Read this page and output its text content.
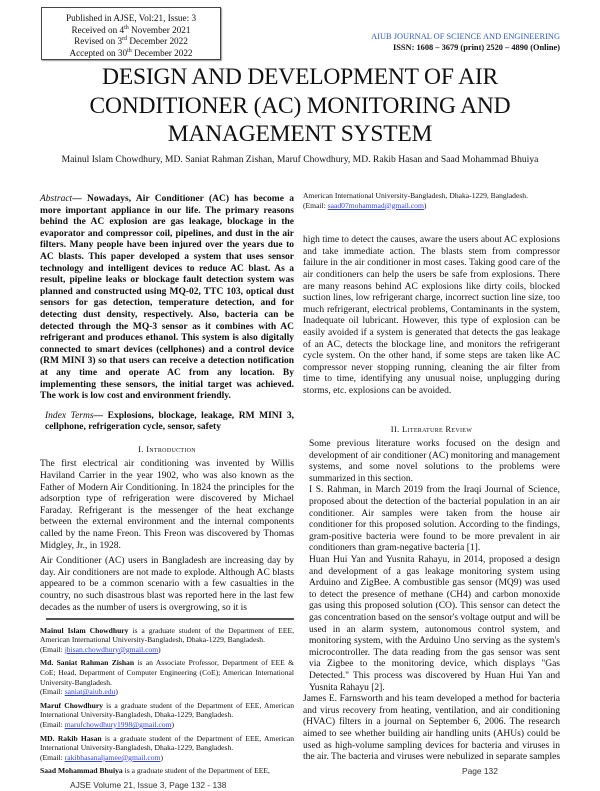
Published in AJSE, Vol:21, Issue: 3
Received on 4th November 2021
Revised on 3rd December 2022
Accepted on 30th December 2022
AIUB JOURNAL OF SCIENCE AND ENGINEERING
ISSN: 1608 – 3679 (print) 2520 – 4890 (Online)
DESIGN AND DEVELOPMENT OF AIR CONDITIONER (AC) MONITORING AND MANAGEMENT SYSTEM
Mainul Islam Chowdhury, MD. Saniat Rahman Zishan, Maruf Chowdhury, MD. Rakib Hasan and Saad Mohammad Bhuiya
Abstract— Nowadays, Air Conditioner (AC) has become a more important appliance in our life. The primary reasons behind the AC explosion are gas leakage, blockage in the evaporator and compressor coil, pipelines, and dust in the air filters. Many people have been injured over the years due to AC blasts. This paper developed a system that uses sensor technology and intelligent devices to reduce AC blast. As a result, pipeline leaks or blockage fault detection system was planned and constructed using MQ-02, TTC 103, optical dust sensors for gas detection, temperature detection, and for detecting dust density, respectively. Also, bacteria can be detected through the MQ-3 sensor as it combines with AC refrigerant and produces ethanol. This system is also digitally connected to smart devices (cellphones) and a control device (RM MINI 3) so that users can receive a detection notification at any time and operate AC from any location. By implementing these sensors, the initial target was achieved. The work is low cost and environment friendly.
Index Terms— Explosions, blockage, leakage, RM MINI 3, cellphone, refrigeration cycle, sensor, safety
I. Introduction
The first electrical air conditioning was invented by Willis Haviland Carrier in the year 1902, who was also known as the Father of Modern Air Conditioning. In 1824 the principles for the adsorption type of refrigeration were discovered by Michael Faraday. Refrigerant is the messenger of the heat exchange between the external environment and the internal components called by the name Freon. This Freon was discovered by Thomas Midgley, Jr., in 1928.
Air Conditioner (AC) users in Bangladesh are increasing day by day. Air conditioners are not made to explode. Although AC blasts appeared to be a common scenario with a few casualties in the country, no such disastrous blast was reported here in the last few decades as the number of users is overgrowing, so it is

Mainul Islam Chowdhury is a graduate student of the Department of EEE, American International University-Bangladesh, Dhaka-1229, Bangladesh.
(Email: jhisan.chowdhury@gmail.com)

Md. Saniat Rahman Zishan is an Associate Professor, Department of EEE & CoE; Head, Department of Computer Engineering (CoE); American International University-Bangladesh.
(Email: saniat@aiub.edu)

Maruf Chowdhury is a graduate student of the Department of EEE, American International University-Bangladesh, Dhaka-1229, Bangladesh.
(Email: marufchowdhury1998@gmail.com)

MD. Rakib Hasan is a graduate student of the Department of EEE, American International University-Bangladesh, Dhaka-1229, Bangladesh.
(Email: rakibhasanaljamee@gmail.com)

Saad Mohammad Bhuiya is a graduate student of the Department of EEE,

AJSE Volume 21, Issue 3, Page 132 - 138
American International University-Bangladesh, Dhaka-1229, Bangladesh.
(Email: saad07mohammad@gmail.com)
high time to detect the causes, aware the users about AC explosions and take immediate action. The blasts stem from compressor failure in the air conditioner in most cases. Taking good care of the air conditioners can help the users be safe from explosions. There are many reasons behind AC explosions like dirty coils, blocked suction lines, low refrigerant charge, incorrect suction line size, too much refrigerant, electrical problems, Contaminants in the system, Inadequate oil lubricant. However, this type of explosion can be easily avoided if a system is generated that detects the gas leakage of an AC, detects the blockage line, and monitors the refrigerant cycle system. On the other hand, if some steps are taken like AC compressor never stopping running, cleaning the air filter from time to time, identifying any unusual noise, unplugging during storms, etc. explosions can be avoided.
II. Literature Review

Some previous literature works focused on the design and development of air conditioner (AC) monitoring and management systems, and some novel solutions to the problems were summarized in this section.

I S. Rahman, in March 2019 from the Iraqi Journal of Science, proposed about the detection of the bacterial population in an air conditioner. Air samples were taken from the house air conditioner for this proposed solution. According to the findings, gram-positive bacteria were found to be more prevalent in air conditioners than gram-negative bacteria [1].

Huan Hui Yan and Yusnita Rahayu, in 2014, proposed a design and development of a gas leakage monitoring system using Arduino and ZigBee. A combustible gas sensor (MQ9) was used to detect the presence of methane (CH4) and carbon monoxide gas using this proposed solution (CO). This sensor can detect the gas concentration based on the sensor's voltage output and will be used in an alarm system, autonomous control system, and monitoring system, with the Arduino Uno serving as the system's microcontroller. The data reading from the gas sensor was sent via Zigbee to the monitoring device, which displays "Gas Detected." This process was discovered by Huan Hui Yan and Yusnita Rahayu [2].

James E. Farnsworth and his team developed a method for bacteria and virus recovery from heating, ventilation, and air conditioning (HVAC) filters in a journal on September 6, 2006. The research aimed to see whether building air handling units (AHUs) could be used as high-volume sampling devices for bacteria and viruses in the air. The bacteria and viruses were nebulized in separate samples

Page 132
